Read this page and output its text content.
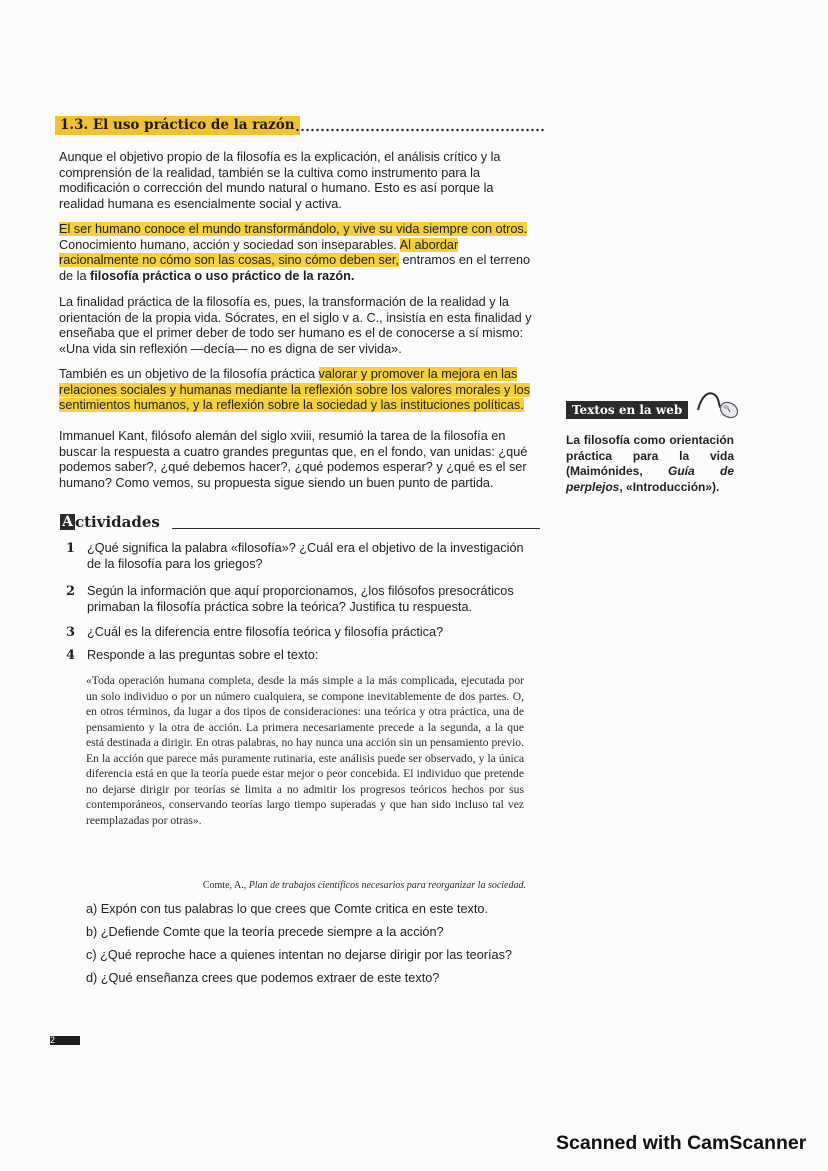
1.3. El uso práctico de la razón

Aunque el objetivo propio de la filosofía es la explicación, el análisis crítico y la comprensión de la realidad, también se la cultiva como instrumento para la modificación o corrección del mundo natural o humano. Esto es así porque la realidad humana es esencialmente social y activa.

El ser humano conoce el mundo transformándolo, y vive su vida siempre con otros. Conocimiento humano, acción y sociedad son inseparables. Al abordar racionalmente no cómo son las cosas, sino cómo deben ser, entramos en el terreno de la filosofía práctica o uso práctico de la razón.

La finalidad práctica de la filosofía es, pues, la transformación de la realidad y la orientación de la propia vida. Sócrates, en el siglo v a. C., insistía en esta finalidad y enseñaba que el primer deber de todo ser humano es el de conocerse a sí mismo: «Una vida sin reflexión —decía— no es digna de ser vivida».

También es un objetivo de la filosofía práctica valorar y promover la mejora en las relaciones sociales y humanas mediante la reflexión sobre los valores morales y los sentimientos humanos, y la reflexión sobre la sociedad y las instituciones políticas.

Immanuel Kant, filósofo alemán del siglo xviii, resumió la tarea de la filosofía en buscar la respuesta a cuatro grandes preguntas que, en el fondo, van unidas: ¿qué podemos saber?, ¿qué debemos hacer?, ¿qué podemos esperar? y ¿qué es el ser humano? Como vemos, su propuesta sigue siendo un buen punto de partida.

Textos en la web
La filosofía como orientación práctica para la vida (Maimónides, Guía de perplejos, «Introducción»).
A ctividades
1 ¿Qué significa la palabra «filosofía»? ¿Cuál era el objetivo de la investigación de la filosofía para los griegos?
2 Según la información que aquí proporcionamos, ¿los filósofos presocráticos primaban la filosofía práctica sobre la teórica? Justifica tu respuesta.
3 ¿Cuál es la diferencia entre filosofía teórica y filosofía práctica?
4 Responde a las preguntas sobre el texto:
«Toda operación humana completa, desde la más simple a la más complicada, ejecutada por un solo individuo o por un número cualquiera, se compone inevitablemente de dos partes. O, en otros términos, da lugar a dos tipos de consideraciones: una teórica y otra práctica, una de pensamiento y la otra de acción. La primera necesariamente precede a la segunda, a la que está destinada a dirigir. En otras palabras, no hay nunca una acción sin un pensamiento previo. En la acción que parece más puramente rutinaria, este análisis puede ser observado, y la única diferencia está en que la teoría puede estar mejor o peor concebida. El individuo que pretende no dejarse dirigir por teorías se limita a no admitir los progresos teóricos hechos por sus contemporáneos, conservando teorías largo tiempo superadas y que han sido incluso tal vez reemplazadas por otras».
Comte, A., Plan de trabajos científicos necesarios para reorganizar la sociedad.
a) Expón con tus palabras lo que crees que Comte critica en este texto.
b) ¿Defiende Comte que la teoría precede siempre a la acción?
c) ¿Qué reproche hace a quienes intentan no dejarse dirigir por las teorías?
d) ¿Qué enseñanza crees que podemos extraer de este texto?
2
Scanned with CamScanner
